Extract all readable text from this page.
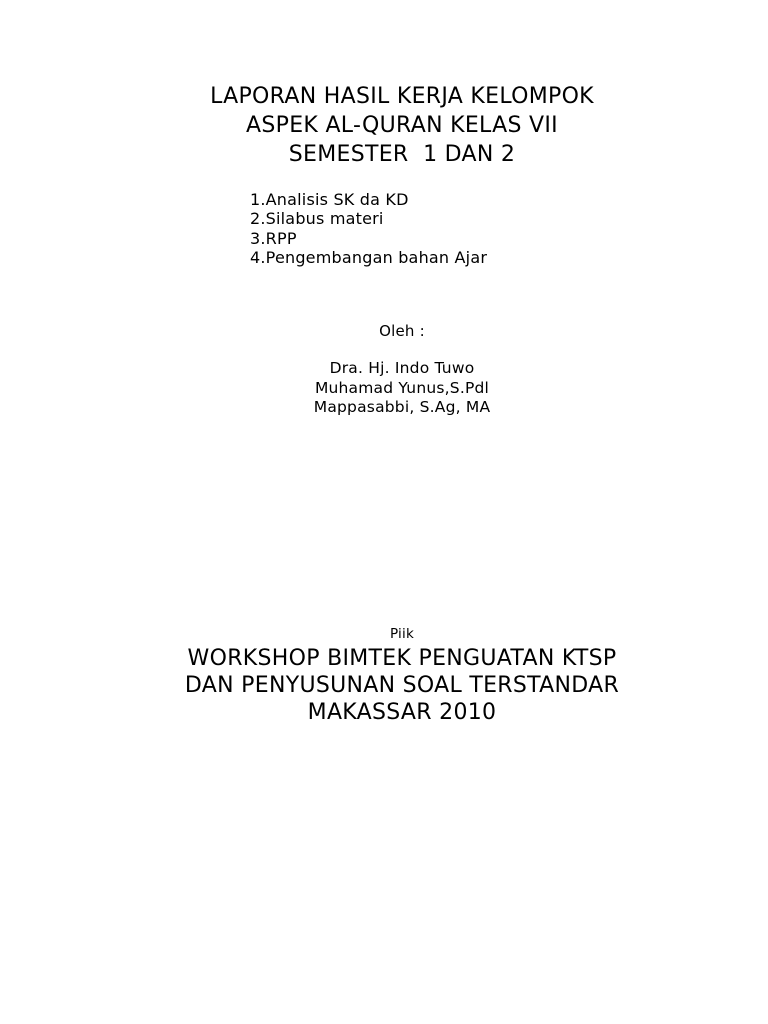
LAPORAN HASIL KERJA KELOMPOK
ASPEK AL-QURAN KELAS VII
SEMESTER  1 DAN 2
1.Analisis SK da KD
2.Silabus materi
3.RPP
4.Pengembangan bahan Ajar
Oleh :
Dra. Hj. Indo Tuwo
Muhamad Yunus,S.Pdl
Mappasabbi, S.Ag, MA
Piik
WORKSHOP BIMTEK PENGUATAN KTSP
DAN PENYUSUNAN SOAL TERSTANDAR
MAKASSAR 2010
